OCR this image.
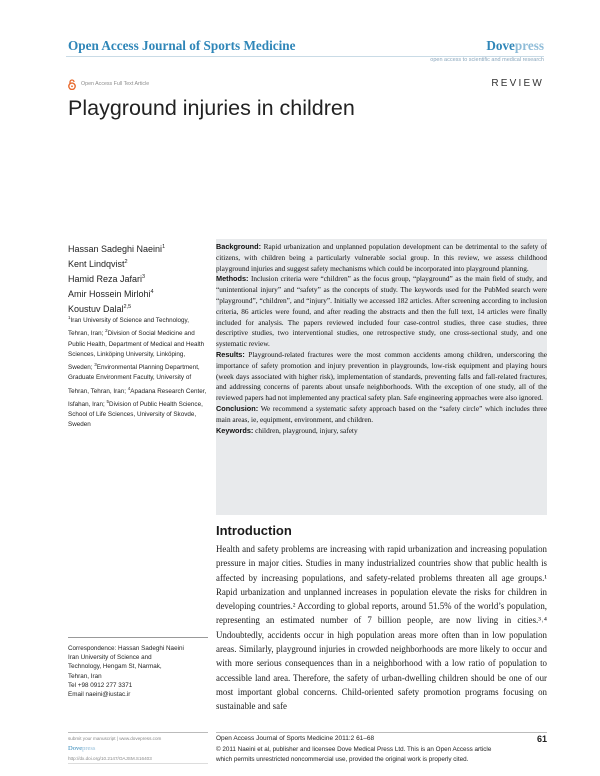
Open Access Journal of Sports Medicine	Dovepress
open access to scientific and medical research
Open Access Full Text Article	REVIEW
Playground injuries in children
Hassan Sadeghi Naeini$^1$
Kent Lindqvist$^2$
Hamid Reza Jafari$^3$
Amir Hossein Mirlohi$^4$
Koustuv Dalal$^{2,5}$
$^1$Iran University of Science and Technology, Tehran, Iran; $^2$Division of Social Medicine and Public Health, Department of Medical and Health Sciences, Linköping University, Linköping, Sweden; $^3$Environmental Planning Department, Graduate Environment Faculty, University of Tehran, Tehran, Iran; $^4$Apadana Research Center, Isfahan, Iran; $^5$Division of Public Health Science, School of Life Sciences, University of Skovde, Sweden
Correspondence: Hassan Sadeghi Naeini
Iran University of Science and
Technology, Hengam St, Narmak,
Tehran, Iran
Tel +98 0912 277 3371
Email naeini@iustac.ir

Background: Rapid urbanization and unplanned population development can be detrimental to the safety of citizens, with children being a particularly vulnerable social group. In this review, we assess childhood playground injuries and suggest safety mechanisms which could be incorporated into playground planning.

Methods: Inclusion criteria were “children” as the focus group, “playground” as the main field of study, and “unintentional injury” and “safety” as the concepts of study. The keywords used for the PubMed search were “playground”, “children”, and “injury”. Initially we accessed 182 articles. After screening according to inclusion criteria, 86 articles were found, and after reading the abstracts and then the full text, 14 articles were finally included for analysis. The papers reviewed included four case-control studies, three case studies, three descriptive studies, two interventional studies, one retrospective study, one cross-sectional study, and one systematic review.

Results: Playground-related fractures were the most common accidents among children, underscoring the importance of safety promotion and injury prevention in playgrounds, low-risk equipment and playing hours (week days associated with higher risk), implementation of standards, preventing falls and fall-related fractures, and addressing concerns of parents about unsafe neighborhoods. With the exception of one study, all of the reviewed papers had not implemented any practical safety plan. Safe engineering approaches were also ignored.

Conclusion: We recommend a systematic safety approach based on the “safety circle” which includes three main areas, ie, equipment, environment, and children.

Keywords: children, playground, injury, safety

Introduction

Health and safety problems are increasing with rapid urbanization and increasing population pressure in major cities. Studies in many industrialized countries show that public health is affected by increasing populations, and safety-related problems threaten all age groups.¹ Rapid urbanization and unplanned increases in population elevate the risks for children in developing countries.² According to global reports, around 51.5% of the world’s population, representing an estimated number of 7 billion people, are now living in cities.³˒⁴ Undoubtedly, accidents occur in high population areas more often than in low population areas. Similarly, playground injuries in crowded neighborhoods are more likely to occur and with more serious consequences than in a neighborhood with a low ratio of population to accessible land area. Therefore, the safety of urban-dwelling children should be one of our most important global concerns. Child-oriented safety promotion programs focusing on sustainable and safe

submit your manuscript | www.dovepress.com
Dovepress
http://dx.doi.org/10.2147/OAJSM.S16403
Open Access Journal of Sports Medicine 2011:2 61–68	61
© 2011 Naeini et al, publisher and licensee Dove Medical Press Ltd. This is an Open Access article
which permits unrestricted noncommercial use, provided the original work is properly cited.
